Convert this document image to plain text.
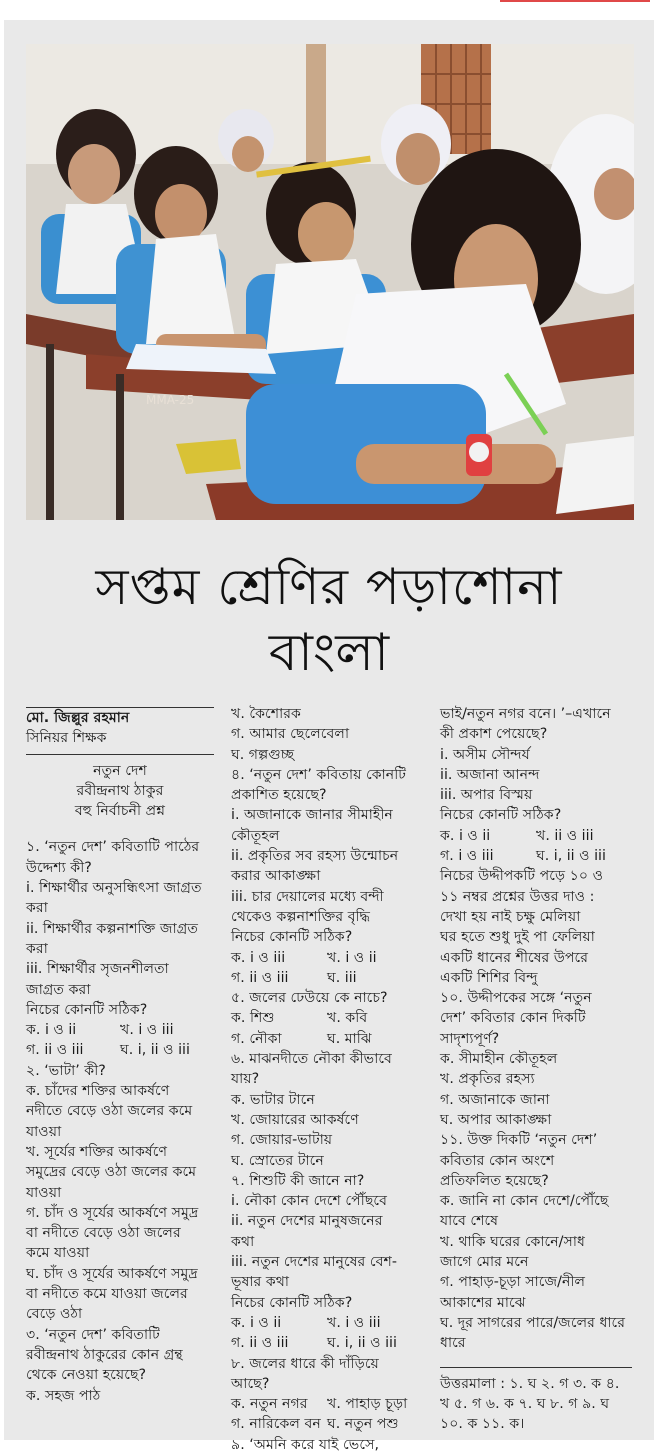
MMA-25
সপ্তম শ্রেণির পড়াশোনা
বাংলা

মো. জিল্লুর রহমান

সিনিয়র শিক্ষক

নতুন দেশ

রবীন্দ্রনাথ ঠাকুর

বহু নির্বাচনী প্রশ্ন

১. ‘নতুন দেশ’ কবিতাটি পাঠের
উদ্দেশ্য কী?
i. শিক্ষার্থীর অনুসন্ধিৎসা জাগ্রত
করা
ii. শিক্ষার্থীর কল্পনাশক্তি জাগ্রত
করা
iii. শিক্ষার্থীর সৃজনশীলতা
জাগ্রত করা
নিচের কোনটি সঠিক?
ক. i ও ii	খ. i ও iii
গ. ii ও iii	ঘ. i, ii ও iii
২. ‘ভাটা’ কী?
ক. চাঁদের শক্তির আকর্ষণে
নদীতে বেড়ে ওঠা জলের কমে
যাওয়া
খ. সূর্যের শক্তির আকর্ষণে
সমুদ্রের বেড়ে ওঠা জলের কমে
যাওয়া
গ. চাঁদ ও সূর্যের আকর্ষণে সমুদ্র
বা নদীতে বেড়ে ওঠা জলের
কমে যাওয়া
ঘ. চাঁদ ও সূর্যের আকর্ষণে সমুদ্র
বা নদীতে কমে যাওয়া জলের
বেড়ে ওঠা
৩. ‘নতুন দেশ’ কবিতাটি
রবীন্দ্রনাথ ঠাকুরের কোন গ্রন্থ
থেকে নেওয়া হয়েছে?
ক. সহজ পাঠ
খ. কৈশোরক
গ. আমার ছেলেবেলা
ঘ. গল্পগুচ্ছ
৪. ‘নতুন দেশ’ কবিতায় কোনটি
প্রকাশিত হয়েছে?
i. অজানাকে জানার সীমাহীন
কৌতূহল
ii. প্রকৃতির সব রহস্য উন্মোচন
করার আকাঙ্ক্ষা
iii. চার দেয়ালের মধ্যে বন্দী
থেকেও কল্পনাশক্তির বৃদ্ধি
নিচের কোনটি সঠিক?
ক. i ও iii	খ. i ও ii
গ. ii ও iii	ঘ. iii
৫. জলের ঢেউয়ে কে নাচে?
ক. শিশু	খ. কবি
গ. নৌকা	ঘ. মাঝি
৬. মাঝনদীতে নৌকা কীভাবে
যায়?
ক. ভাটার টানে
খ. জোয়ারের আকর্ষণে
গ. জোয়ার-ভাটায়
ঘ. স্রোতের টানে
৭. শিশুটি কী জানে না?
i. নৌকা কোন দেশে পৌঁছবে
ii. নতুন দেশের মানুষজনের
কথা
iii. নতুন দেশের মানুষের বেশ-
ভূষার কথা
নিচের কোনটি সঠিক?
ক. i ও ii	খ. i ও iii
গ. ii ও iii	ঘ. i, ii ও iii
৮. জলের ধারে কী দাঁড়িয়ে
আছে?
ক. নতুন নগর	খ. পাহাড় চূড়া
গ. নারিকেল বন ঘ. নতুন পশু
৯. ‘অমনি করে যাই ভেসে,
ভাই/নতুন নগর বনে। ’–এখানে
কী প্রকাশ পেয়েছে?
i. অসীম সৌন্দর্য
ii. অজানা আনন্দ
iii. অপার বিস্ময়
নিচের কোনটি সঠিক?
ক. i ও ii	খ. ii ও iii
গ. i ও iii	ঘ. i, ii ও iii
নিচের উদ্দীপকটি পড়ে ১০ ও
১১ নম্বর প্রশ্নের উত্তর দাও :
দেখা হয় নাই চক্ষু মেলিয়া
ঘর হতে শুধু দুই পা ফেলিয়া
একটি ধানের শীষের উপরে
একটি শিশির বিন্দু
১০. উদ্দীপকের সঙ্গে ‘নতুন
দেশ’ কবিতার কোন দিকটি
সাদৃশ্যপূর্ণ?
ক. সীমাহীন কৌতূহল
খ. প্রকৃতির রহস্য
গ. অজানাকে জানা
ঘ. অপার আকাঙ্ক্ষা
১১. উক্ত দিকটি ‘নতুন দেশ’
কবিতার কোন অংশে
প্রতিফলিত হয়েছে?
ক. জানি না কোন দেশে/পৌঁছে
যাবে শেষে
খ. থাকি ঘরের কোনে/সাধ
জাগে মোর মনে
গ. পাহাড়-চূড়া সাজে/নীল
আকাশের মাঝে
ঘ. দূর সাগরের পারে/জলের ধারে
ধারে
উত্তরমালা : ১. ঘ ২. গ ৩. ক ৪.
খ ৫. গ ৬. ক ৭. ঘ ৮. গ ৯. ঘ
১০. ক ১১. ক।
